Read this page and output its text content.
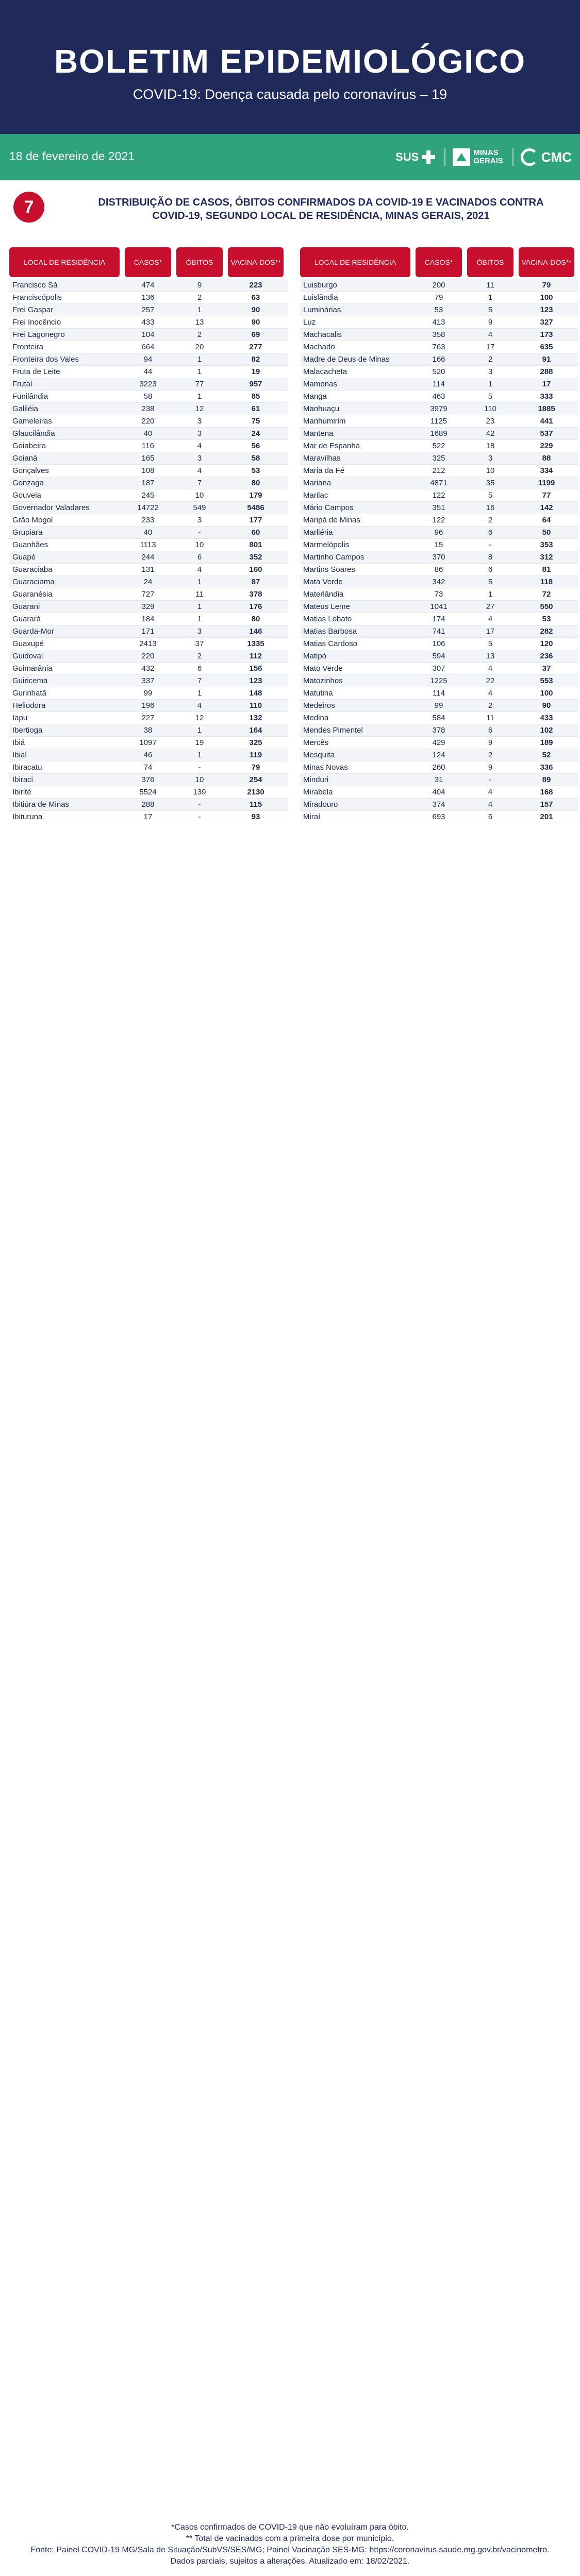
BOLETIM EPIDEMIOLÓGICO
COVID-19: Doença causada pelo coronavírus – 19
18 de fevereiro de 2021	SUS	MINAS
GERAIS	CMC
7	DISTRIBUIÇÃO DE CASOS, ÓBITOS CONFIRMADOS DA COVID-19 E VACINADOS CONTRA COVID-19, SEGUNDO LOCAL DE RESIDÊNCIA, MINAS GERAIS, 2021
LOCAL DE RESIDÊNCIA	CASOS*	ÓBITOS	VACINA-DOS**
Francisco Sá	474	9	223
Franciscópolis	136	2	63
Frei Gaspar	257	1	90
Frei Inocêncio	433	13	90
Frei Lagonegro	104	2	69
Fronteira	664	20	277
Fronteira dos Vales	94	1	82
Fruta de Leite	44	1	19
Frutal	3223	77	957
Funilândia	58	1	85
Galiléia	238	12	61
Gameleiras	220	3	75
Glaucilândia	40	3	24
Goiabeira	116	4	56
Goianá	165	3	58
Gonçalves	108	4	53
Gonzaga	187	7	80
Gouveia	245	10	179
Governador Valadares	14722	549	5486
Grão Mogol	233	3	177
Grupiara	40	-	60
Guanhães	1113	10	801
Guapé	244	6	352
Guaraciaba	131	4	160
Guaraciama	24	1	87
Guaranésia	727	11	378
Guarani	329	1	176
Guarará	184	1	80
Guarda-Mor	171	3	146
Guaxupé	2413	37	1335
Guidoval	220	2	112
Guimarânia	432	6	156
Guiricema	337	7	123
Gurinhatã	99	1	148
Heliodora	196	4	110
Iapu	227	12	132
Ibertioga	38	1	164
Ibiá	1097	19	325
Ibiaí	46	1	119
Ibiracatu	74	-	79
Ibiraci	376	10	254
Ibirité	5524	139	2130
Ibitiúra de Minas	288	-	115
Ibituruna	17	-	93
LOCAL DE RESIDÊNCIA	CASOS*	ÓBITOS	VACINA-DOS**
Luisburgo	200	11	79
Luislândia	79	1	100
Luminárias	53	5	123
Luz	413	9	327
Machacalis	358	4	173
Machado	763	17	635
Madre de Deus de Minas	166	2	91
Malacacheta	520	3	288
Mamonas	114	1	17
Manga	463	5	333
Manhuaçu	3979	110	1885
Manhumirim	1125	23	441
Mantena	1689	42	537
Mar de Espanha	522	18	229
Maravilhas	325	3	88
Maria da Fé	212	10	334
Mariana	4871	35	1199
Marilac	122	5	77
Mário Campos	351	16	142
Maripá de Minas	122	2	64
Marliéria	96	6	50
Marmelópolis	15	-	353
Martinho Campos	370	8	312
Martins Soares	86	6	81
Mata Verde	342	5	118
Materlândia	73	1	72
Mateus Leme	1041	27	550
Matias Lobato	174	4	53
Matias Barbosa	741	17	282
Matias Cardoso	106	5	120
Matipó	594	13	236
Mato Verde	307	4	37
Matozinhos	1225	22	553
Matutina	114	4	100
Medeiros	99	2	90
Medina	584	11	433
Mendes Pimentel	378	6	102
Mercês	429	9	189
Mesquita	124	2	52
Minas Novas	260	9	336
Minduri	31	-	89
Mirabela	404	4	168
Miradouro	374	4	157
Miraí	693	6	201
*Casos confirmados de COVID-19 que não evoluíram para óbito.
** Total de vacinados com a primeira dose por município.
Fonte: Painel COVID-19 MG/Sala de Situação/SubVS/SES/MG; Painel Vacinação SES-MG: https://coronavirus.saude.mg.gov.br/vacinometro. Dados parciais, sujeitos a alterações. Atualizado em: 18/02/2021.
